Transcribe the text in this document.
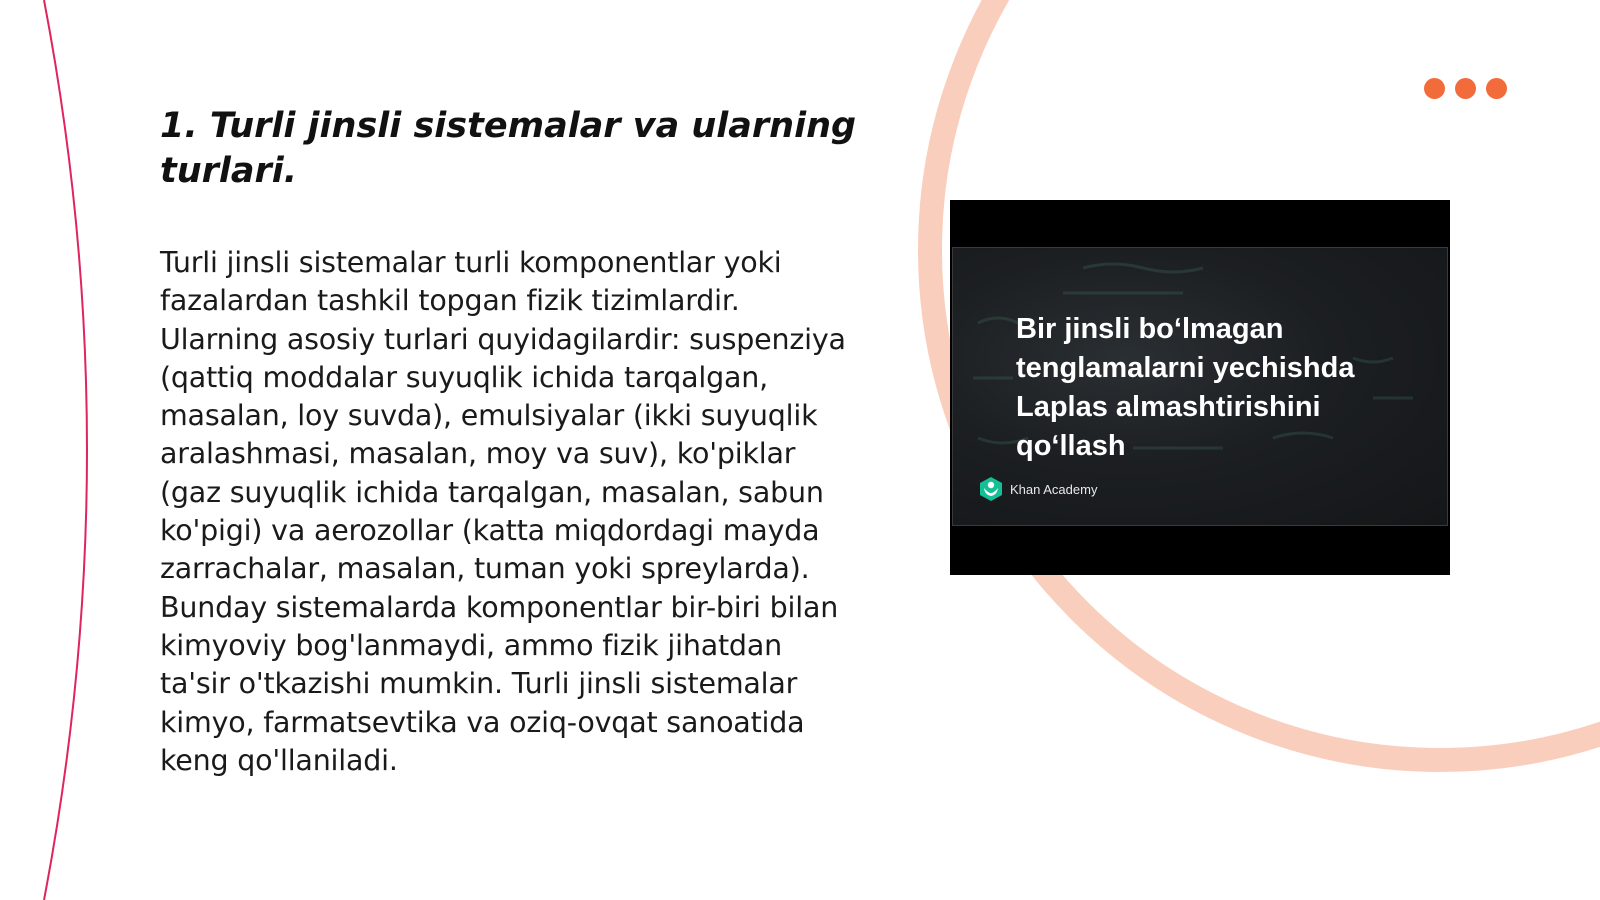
1. Turli jinsli sistemalar va ularning turlari.

Turli jinsli sistemalar turli komponentlar yoki fazalardan tashkil topgan fizik tizimlardir. Ularning asosiy turlari quyidagilardir: suspenziya (qattiq moddalar suyuqlik ichida tarqalgan, masalan, loy suvda), emulsiyalar (ikki suyuqlik aralashmasi, masalan, moy va suv), ko'piklar (gaz suyuqlik ichida tarqalgan, masalan, sabun ko'pigi) va aerozollar (katta miqdordagi mayda zarrachalar, masalan, tuman yoki spreylarda). Bunday sistemalarda komponentlar bir-biri bilan kimyoviy bog'lanmaydi, ammo fizik jihatdan ta'sir o'tkazishi mumkin. Turli jinsli sistemalar kimyo, farmatsevtika va oziq-ovqat sanoatida keng qo'llaniladi.

Bir jinsli boʻlmagan tenglamalarni yechishda Laplas almashtirishini qoʻllash

Khan Academy
